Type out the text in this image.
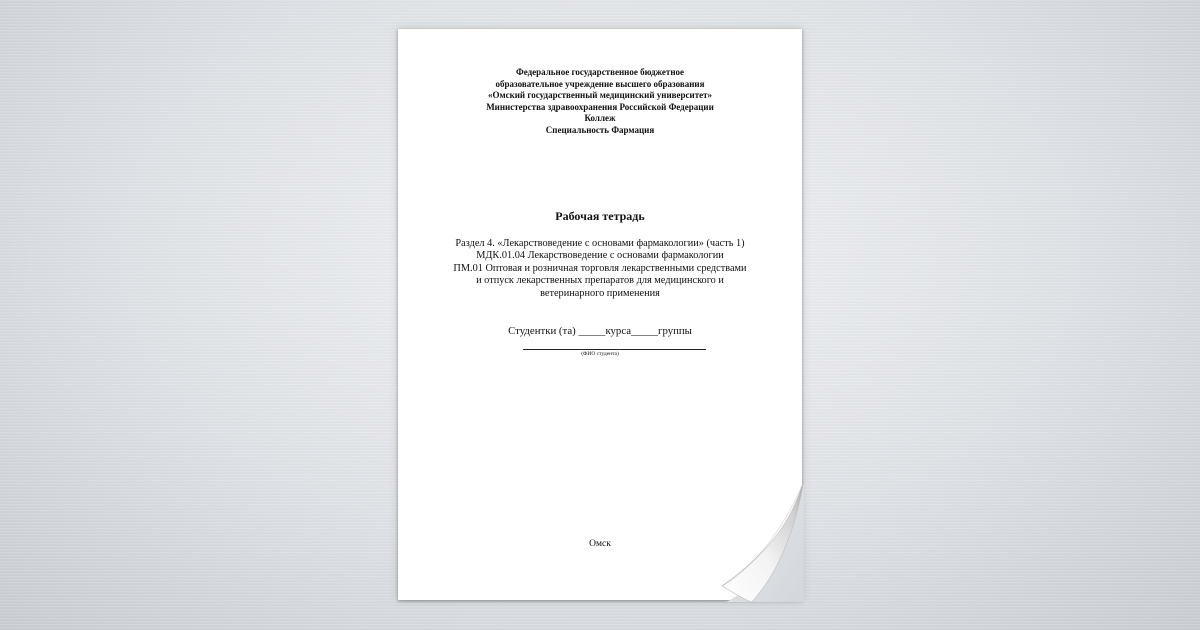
Федеральное государственное бюджетное
образовательное учреждение высшего образования
«Омский государственный медицинский университет»
Министерства здравоохранения Российской Федерации
Коллеж
Специальность Фармация
Рабочая тетрадь
Раздел 4. «Лекарствоведение с основами фармакологии» (часть 1)
МДК.01.04 Лекарствоведение с основами фармакологии
ПМ.01 Оптовая и розничная торговля лекарственными средствами
и отпуск лекарственных препаратов для медицинского и
ветеринарного применения
Студентки (та) _____курса_____группы
(ФИО студента)
Омск
